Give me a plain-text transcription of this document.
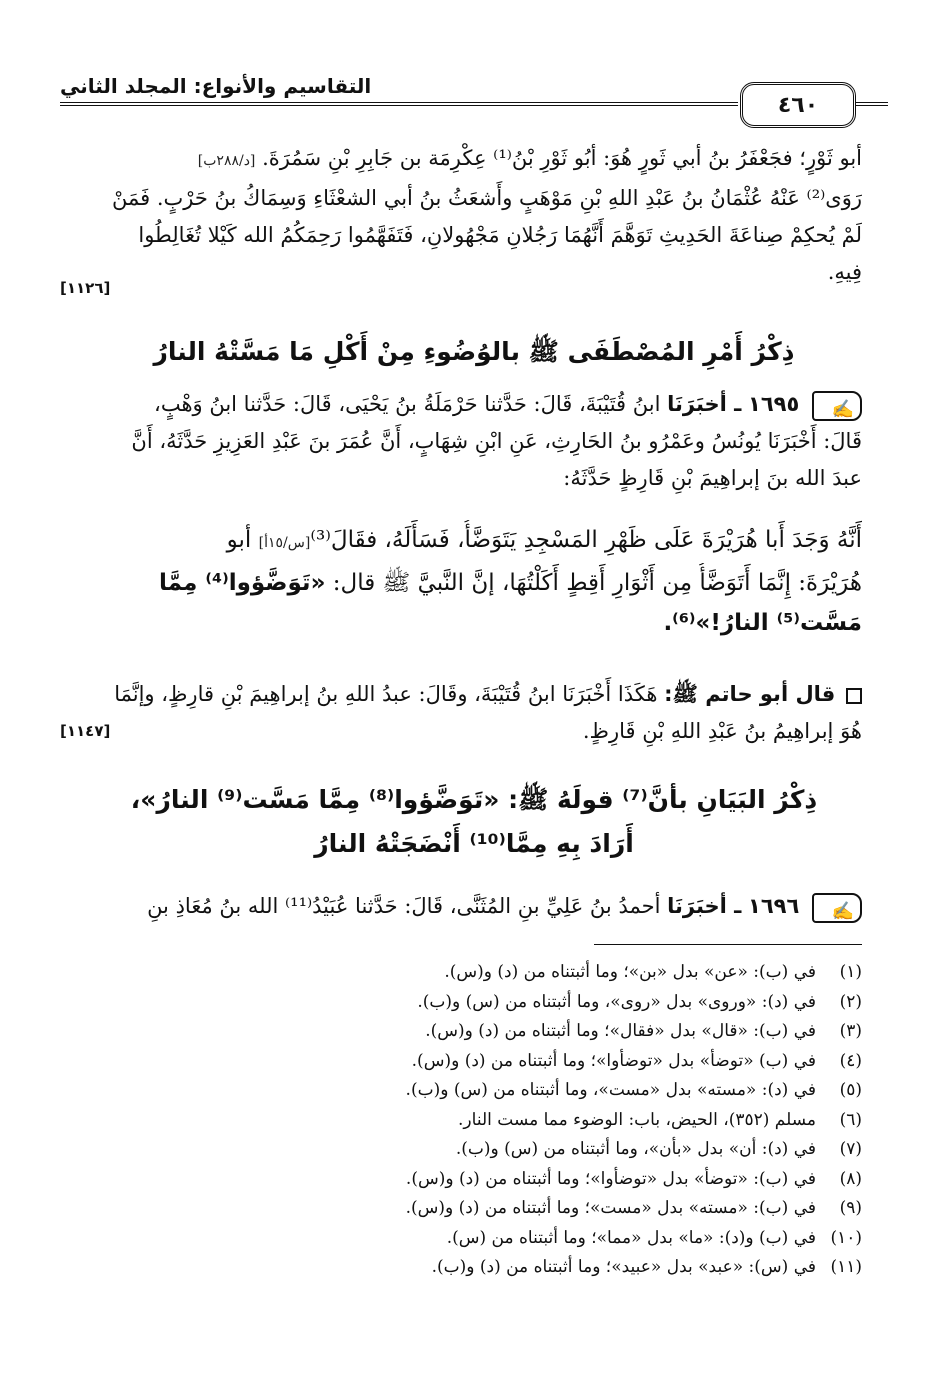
التقاسيم والأنواع: المجلد الثاني
٤٦٠
أبو ثَوْرٍ؛ فجَعْفَرُ بنُ أبي ثَورٍ هُوَ: أبُو ثَوْرِ بْنُ⁽¹⁾ عِكْرِمَة بن جَابِرِ بْنِ سَمُرَةَ. [د/٢٨٨ب]
رَوَى⁽²⁾ عَنْهُ عُثْمَانُ بنُ عَبْدِ اللهِ بْنِ مَوْهَبٍ وأَشعَثُ بنُ أبي الشعْثَاءِ وَسِمَاكُ بنُ حَرْبٍ. فَمَنْ
لَمْ يُحكِمْ صِناعَةَ الحَدِيثِ تَوَهَّمَ أَنَّهُمَا رَجُلانِ مَجْهُولانِ، فَتَفَهَّمُوا رَحِمَكُمُ الله كَيْلا تُغَالِطُوا
فِيهِ.
[١١٢٦]
ذِكْرُ أَمْرِ المُصْطَفَى ﷺ بالوُضُوءِ مِنْ أَكْلِ مَا مَسَّتْهُ النارُ
✍ ١٦٩٥ ـ أخبَرَنَا ابنُ قُتَيْبَةَ، قَالَ: حَدَّثنا حَرْمَلَةُ بنُ يَحْيَى، قَالَ: حَدَّثنا ابنُ وَهْبٍ،
قَالَ: أَخْبَرَنَا يُونُسُ وعَمْرُو بنُ الحَارِثِ، عَنِ ابْنِ شِهَابٍ، أَنَّ عُمَرَ بنَ عَبْدِ العَزِيزِ حَدَّثَهُ، أَنَّ
عبدَ الله بنَ إبراهِيمَ بْنِ قَارِظٍ حَدَّثَهُ:
أَنَّهُ وَجَدَ أَبا هُرَيْرَةَ عَلَى ظَهْرِ المَسْجِدِ يَتَوَضَّأُ، فَسَأَلَهُ، فقَالَ⁽³⁾[س/١٥أ] أبو
هُرَيْرَةَ: إِنَّمَا أَتَوَضَّأُ مِن أَثْوَارِ أَقِطٍ أَكَلْتُهَا، إنَّ النَّبيَّ ﷺ قال: «تَوَضَّؤوا⁽⁴⁾ مِمَّا
مَسَّت⁽⁵⁾ النارُ!»⁽⁶⁾.
قال أبو حاتم ﷺ: هَكَذَا أَخْبَرَنَا ابنُ قُتَيْبَةَ، وقَالَ: عبدُ اللهِ بنُ إبراهِيمَ بْنِ قارِظٍ، وإنَّمَا
هُوَ إبراهِيمُ بنُ عَبْدِ اللهِ بْنِ قَارِظٍ.
[١١٤٧]
ذِكْرُ البَيَانِ بأنَّ⁽⁷⁾ قولَهُ ﷺ: «تَوَضَّؤوا⁽⁸⁾ مِمَّا مَسَّت⁽⁹⁾ النارُ»،
أَرَادَ بِهِ مِمَّا⁽¹⁰⁾ أَنْضَجَتْهُ النارُ
✍ ١٦٩٦ ـ أخبَرَنَا أحمدُ بنُ عَلِيِّ بنِ المُثَنَّى، قَالَ: حَدَّثنا عُبَيْدُ⁽¹¹⁾ الله بنُ مُعَاذِ بنِ
(١)في (ب): «عن» بدل «بن»؛ وما أثبتناه من (د) و(س).
(٢)في (د): «وروى» بدل «روى»، وما أثبتناه من (س) و(ب).
(٣)في (ب): «قال» بدل «فقال»؛ وما أثبتناه من (د) و(س).
(٤)في (ب) «توضأ» بدل «توضأوا»؛ وما أثبتناه من (د) و(س).
(٥)في (د): «مسته» بدل «مست»، وما أثبتناه من (س) و(ب).
(٦)مسلم (٣٥٢)، الحيض، باب: الوضوء مما مست النار.
(٧)في (د): أن» بدل «بأن»، وما أثبتناه من (س) و(ب).
(٨)في (ب): «توضأ» بدل «توضأوا»؛ وما أثبتناه من (د) و(س).
(٩)في (ب): «مسته» بدل «مست»؛ وما أثبتناه من (د) و(س).
(١٠)في (ب) و(د): «ما» بدل «مما»؛ وما أثبتناه من (س).
(١١)في (س): «عبد» بدل «عبيد»؛ وما أثبتناه من (د) و(ب).
